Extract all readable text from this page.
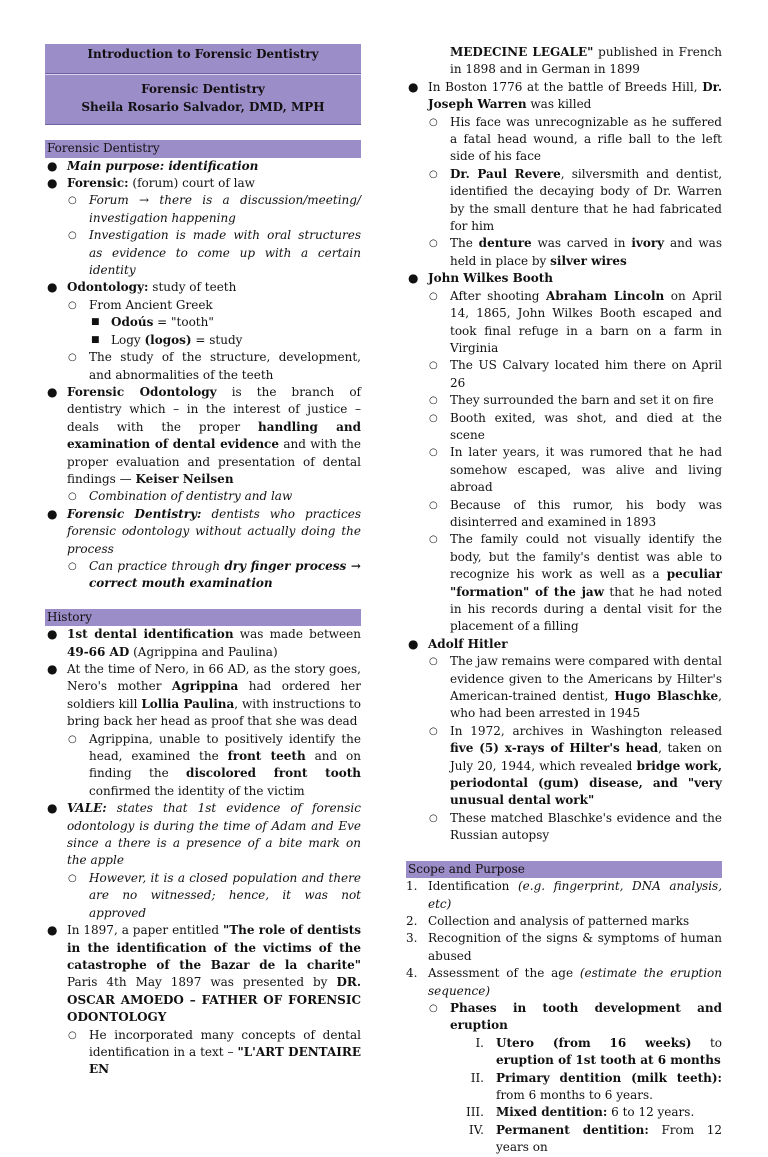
Introduction to Forensic Dentistry
Forensic Dentistry
Sheila Rosario Salvador, DMD, MPH
Forensic Dentistry
● Main purpose: identification
● Forensic: (forum) court of law
○ Forum → there is a discussion/meeting/ investigation happening
○ Investigation is made with oral structures as evidence to come up with a certain identity
● Odontology: study of teeth
○ From Ancient Greek
■ Odoús = "tooth"
■ Logy (logos) = study
○ The study of the structure, development, and abnormalities of the teeth
● Forensic Odontology is the branch of dentistry which – in the interest of justice – deals with the proper handling and examination of dental evidence and with the proper evaluation and presentation of dental findings — Keiser Neilsen
○ Combination of dentistry and law
● Forensic Dentistry: dentists who practices forensic odontology without actually doing the process
○ Can practice through dry finger process → correct mouth examination
History
● 1st dental identification was made between 49-66 AD (Agrippina and Paulina)
● At the time of Nero, in 66 AD, as the story goes, Nero's mother Agrippina had ordered her soldiers kill Lollia Paulina, with instructions to bring back her head as proof that she was dead
○ Agrippina, unable to positively identify the head, examined the front teeth and on finding the discolored front tooth confirmed the identity of the victim
● VALE: states that 1st evidence of forensic odontology is during the time of Adam and Eve since a there is a presence of a bite mark on the apple
○ However, it is a closed population and there are no witnessed; hence, it was not approved
● In 1897, a paper entitled "The role of dentists in the identification of the victims of the catastrophe of the Bazar de la charite" Paris 4th May 1897 was presented by DR. OSCAR AMOEDO – FATHER OF FORENSIC ODONTOLOGY
○ He incorporated many concepts of dental identification in a text – "L'ART DENTAIRE EN
MEDECINE LEGALE" published in French in 1898 and in German in 1899
● In Boston 1776 at the battle of Breeds Hill, Dr. Joseph Warren was killed
○ His face was unrecognizable as he suffered a fatal head wound, a rifle ball to the left side of his face
○ Dr. Paul Revere, silversmith and dentist, identified the decaying body of Dr. Warren by the small denture that he had fabricated for him
○ The denture was carved in ivory and was held in place by silver wires
● John Wilkes Booth
○ After shooting Abraham Lincoln on April 14, 1865, John Wilkes Booth escaped and took final refuge in a barn on a farm in Virginia
○ The US Calvary located him there on April 26
○ They surrounded the barn and set it on fire
○ Booth exited, was shot, and died at the scene
○ In later years, it was rumored that he had somehow escaped, was alive and living abroad
○ Because of this rumor, his body was disinterred and examined in 1893
○ The family could not visually identify the body, but the family's dentist was able to recognize his work as well as a peculiar "formation" of the jaw that he had noted in his records during a dental visit for the placement of a filling
● Adolf Hitler
○ The jaw remains were compared with dental evidence given to the Americans by Hilter's American-trained dentist, Hugo Blaschke, who had been arrested in 1945
○ In 1972, archives in Washington released five (5) x-rays of Hilter's head, taken on July 20, 1944, which revealed bridge work, periodontal (gum) disease, and "very unusual dental work"
○ These matched Blaschke's evidence and the Russian autopsy
Scope and Purpose
1. Identification (e.g. fingerprint, DNA analysis, etc)
2. Collection and analysis of patterned marks
3. Recognition of the signs & symptoms of human abused
4. Assessment of the age (estimate the eruption sequence)
○ Phases in tooth development and eruption
I. Utero (from 16 weeks) to eruption of 1st tooth at 6 months
II. Primary dentition (milk teeth): from 6 months to 6 years.
III. Mixed dentition: 6 to 12 years.
IV. Permanent dentition: From 12 years on
